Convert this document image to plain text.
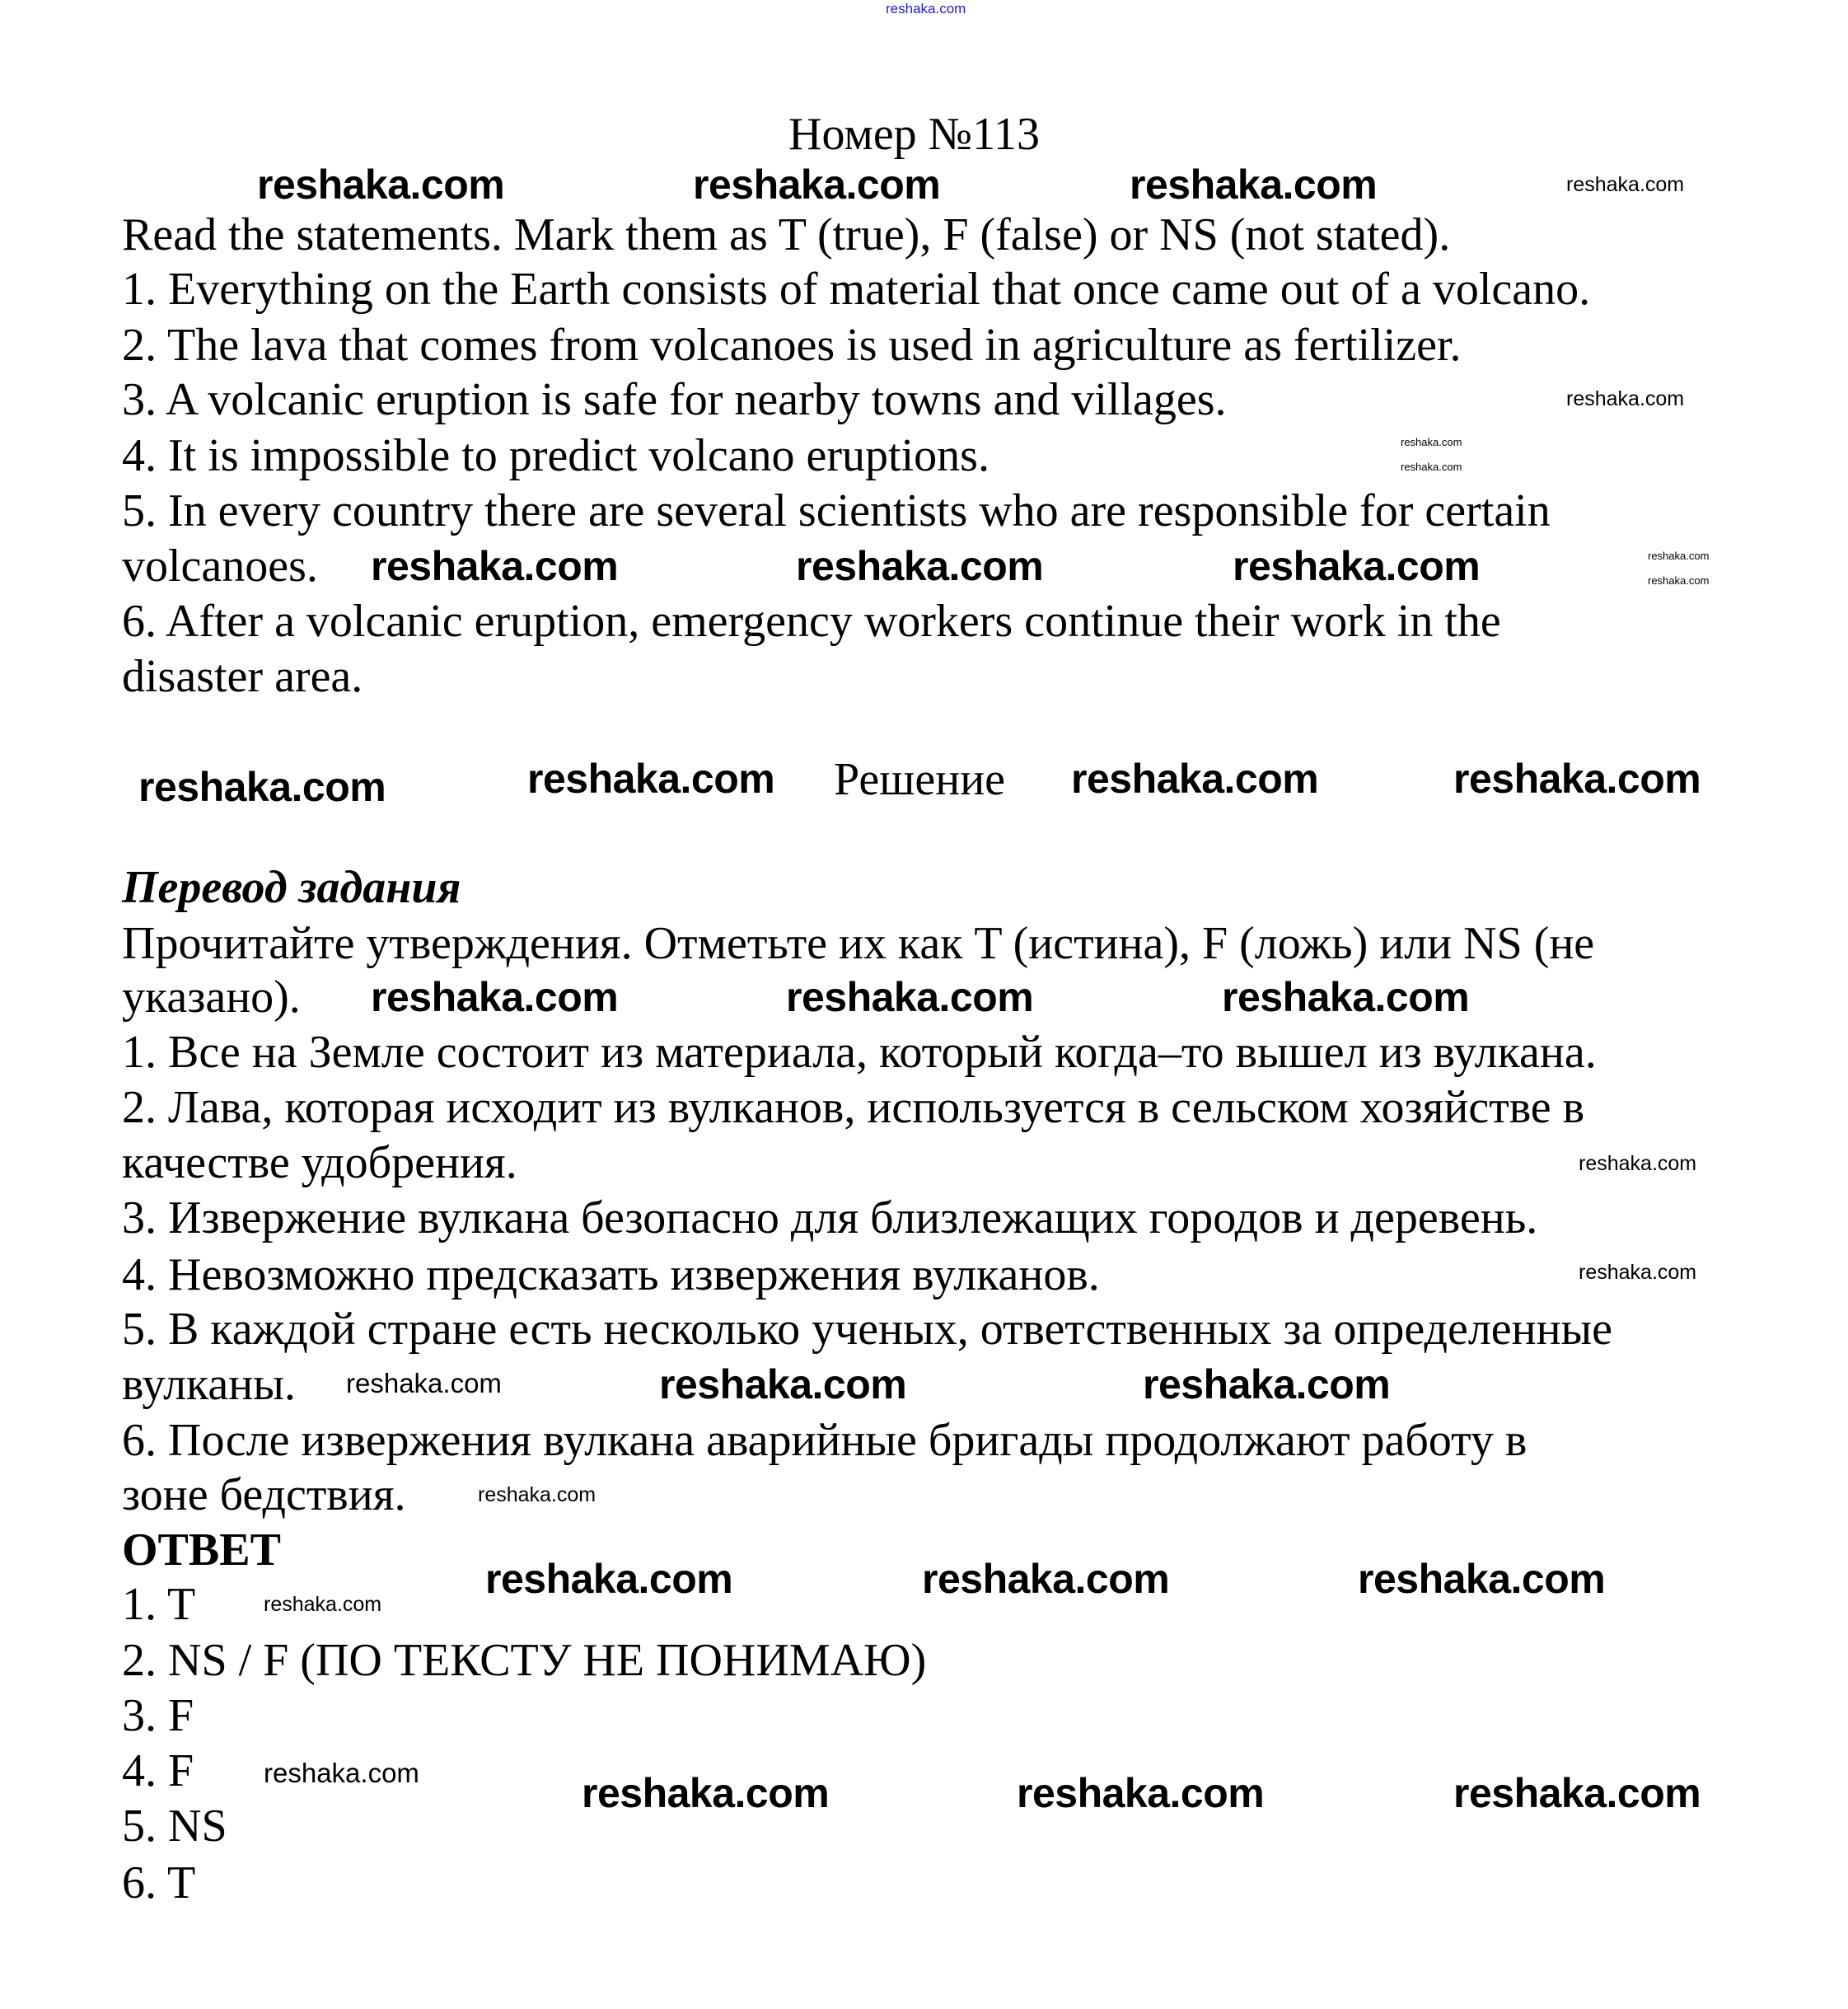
reshaka.com
Номер №113
Read the statements. Mark them as T (true), F (false) or NS (not stated).
1. Everything on the Earth consists of material that once came out of a volcano.
2. The lava that comes from volcanoes is used in agriculture as fertilizer.
3. A volcanic eruption is safe for nearby towns and villages.
4. It is impossible to predict volcano eruptions.
5. In every country there are several scientists who are responsible for certain
volcanoes.
6. After a volcanic eruption, emergency workers continue their work in the
disaster area.
Решение
Перевод задания
Прочитайте утверждения. Отметьте их как T (истина), F (ложь) или NS (не
указано).
1. Все на Земле состоит из материала, который когда–то вышел из вулкана.
2. Лава, которая исходит из вулканов, используется в сельском хозяйстве в
качестве удобрения.
3. Извержение вулкана безопасно для близлежащих городов и деревень.
4. Невозможно предсказать извержения вулканов.
5. В каждой стране есть несколько ученых, ответственных за определенные
вулканы.
6. После извержения вулкана аварийные бригады продолжают работу в
зоне бедствия.
ОТВЕТ
1. T
2. NS / F (ПО ТЕКСТУ НЕ ПОНИМАЮ)
3. F
4. F
5. NS
6. T
reshaka.com	reshaka.com	reshaka.com	reshaka.com
reshaka.com
reshaka.com
reshaka.com
reshaka.com
reshaka.com
reshaka.com	reshaka.com	reshaka.com
reshaka.com	reshaka.com	reshaka.com	reshaka.com
reshaka.com	reshaka.com	reshaka.com
reshaka.com
reshaka.com
reshaka.com	reshaka.com	reshaka.com
reshaka.com
reshaka.com	reshaka.com	reshaka.com
reshaka.com
reshaka.com	reshaka.com	reshaka.com	reshaka.com
